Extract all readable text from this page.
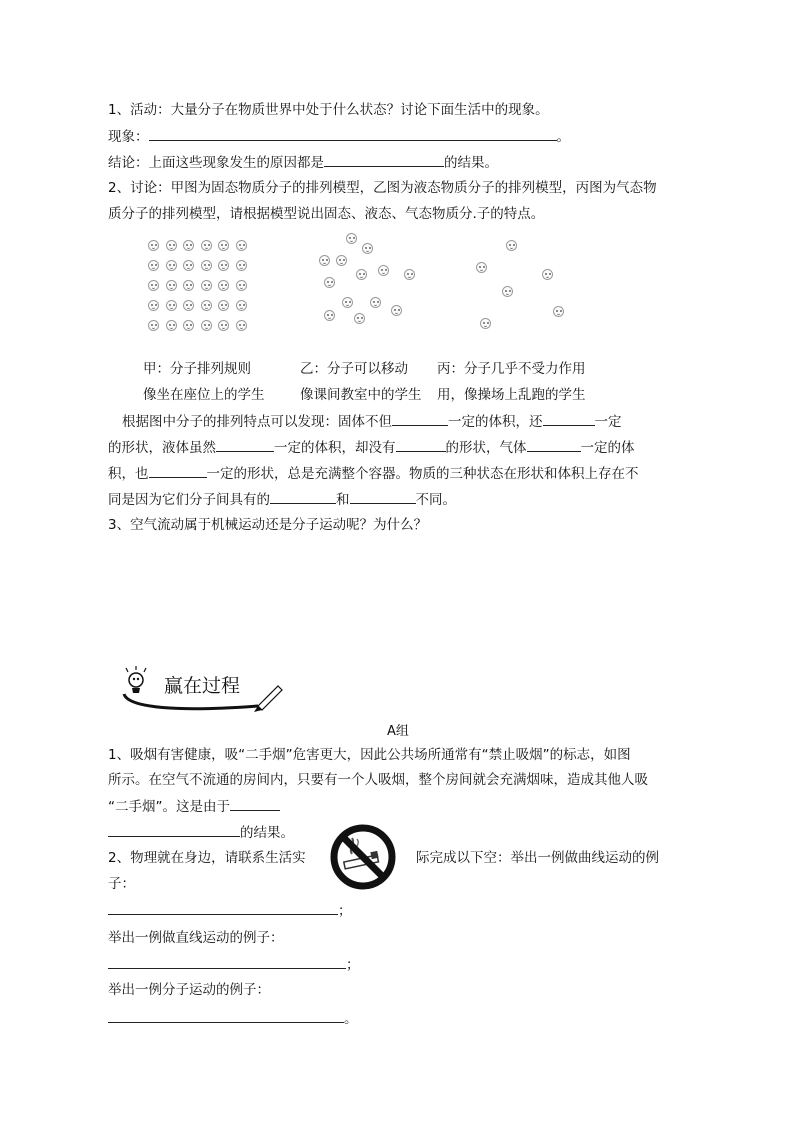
1、活动：大量分子在物质世界中处于什么状态？讨论下面生活中的现象。
现象：	。
结论：上面这些现象发生的原因都是	的结果。
2、讨论：甲图为固态物质分子的排列模型，乙图为液态物质分子的排列模型，丙图为气态物
质分子的排列模型，请根据模型说出固态、液态、气态物质分.子的特点。
甲：分子排列规则	乙：分子可以移动 丙：分子几乎不受力作用
像坐在座位上的学生	像课间教室中的学生 用，像操场上乱跑的学生
根据图中分子的排列特点可以发现：固体不但	一定的体积，还	一定
的形状，液体虽然	一定的体积，却没有	的形状，气体	一定的体
积，也	一定的形状，总是充满整个容器。物质的三种状态在形状和体积上存在不
同是因为它们分子间具有的	和	不同。
3、空气流动属于机械运动还是分子运动呢？为什么？
赢在过程
A组
1、吸烟有害健康，吸“二手烟”危害更大，因此公共场所通常有“禁止吸烟”的标志，如图
所示。在空气不流通的房间内，只要有一个人吸烟，整个房间就会充满烟味，造成其他人吸
“二手烟”。这是由于
的结果。
2、物理就在身边，请联系生活实	际完成以下空：举出一例做曲线运动的例
子：
；
举出一例做直线运动的例子：
；
举出一例分子运动的例子：
。
